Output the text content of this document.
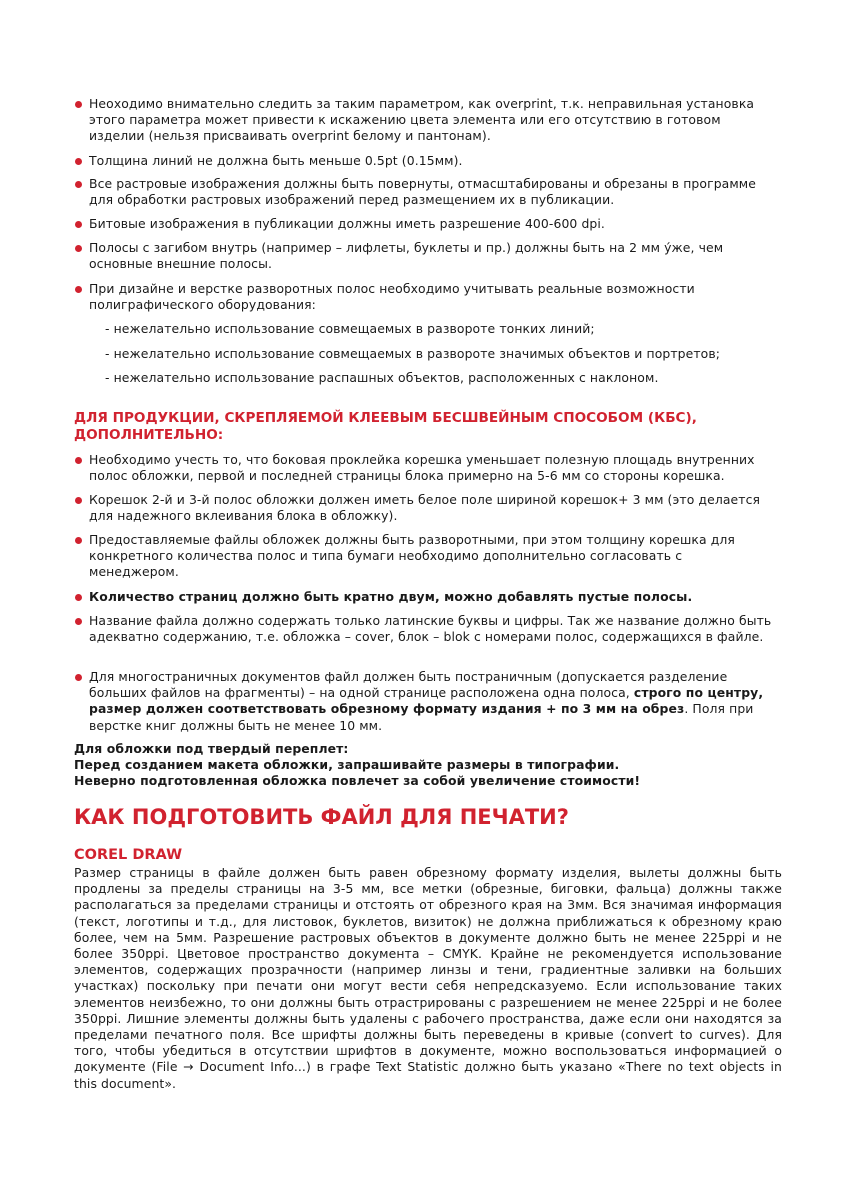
Неоходимо внимательно следить за таким параметром, как overprint, т.к. неправильная установка этого параметра может привести к искажению цвета элемента или его отсутствию в готовом изделии (нельзя присваивать overprint белому и пантонам).
Толщина линий не должна быть меньше 0.5pt (0.15мм).
Все растровые изображения должны быть повернуты, отмасштабированы и обрезаны в программе для обработки растровых изображений перед размещением их в публикации.
Битовые изображения в публикации должны иметь разрешение 400-600 dpi.
Полосы с загибом внутрь (например – лифлеты, буклеты и пр.) должны быть на 2 мм у́же, чем основные внешние полосы.
При дизайне и верстке разворотных полос необходимо учитывать реальные возможности полиграфического оборудования:
- нежелательно использование совмещаемых в развороте тонких линий;
- нежелательно использование совмещаемых в развороте значимых объектов и портретов;
- нежелательно использование распашных объектов, расположенных с наклоном.
ДЛЯ ПРОДУКЦИИ, СКРЕПЛЯЕМОЙ КЛЕЕВЫМ БЕСШВЕЙНЫМ СПОСОБОМ (КБС), ДОПОЛНИТЕЛЬНО:
Необходимо учесть то, что боковая проклейка корешка уменьшает полезную площадь внутренних полос обложки, первой и последней страницы блока примерно на 5-6 мм со стороны корешка.
Корешок 2-й и 3-й полос обложки должен иметь белое поле шириной корешок+ 3 мм (это делается для надежного вклеивания блока в обложку).
Предоставляемые файлы обложек должны быть разворотными, при этом толщину корешка для конкретного количества полос и типа бумаги необходимо дополнительно согласовать с менеджером.
Количество страниц должно быть кратно двум, можно добавлять пустые полосы.
Название файла должно содержать только латинские буквы и цифры. Так же название должно быть адекватно содержанию, т.е. обложка – cover, блок – blok с номерами полос, содержащихся в файле.
Для многостраничных документов файл должен быть постраничным (допускается разделение больших файлов на фрагменты) – на одной странице расположена одна полоса, строго по центру, размер должен соответствовать обрезному формату издания + по 3 мм на обрез. Поля при верстке книг должны быть не менее 10 мм.
Для обложки под твердый переплет:
Перед созданием макета обложки, запрашивайте размеры в типографии.
Неверно подготовленная обложка повлечет за собой увеличение стоимости!
КАК ПОДГОТОВИТЬ ФАЙЛ ДЛЯ ПЕЧАТИ?
COREL DRAW
Размер страницы в файле должен быть равен обрезному формату изделия, вылеты должны быть продлены за пределы страницы на 3-5 мм, все метки (обрезные, биговки, фальца) должны также располагаться за пределами страницы и отстоять от обрезного края на 3мм. Вся значимая информация (текст, логотипы и т.д., для листовок, буклетов, визиток) не должна приближаться к обрезному краю более, чем на 5мм. Разрешение растровых объектов в документе должно быть не менее 225ppi и не более 350ppi. Цветовое пространство документа – CMYK. Крайне не рекомендуется использование элементов, содержащих прозрачности (например линзы и тени, градиентные заливки на больших участках) поскольку при печати они могут вести себя непредсказуемо. Если использование таких элементов неизбежно, то они должны быть отрастрированы с разрешением не менее 225ppi и не более 350ppi. Лишние элементы должны быть удалены с рабочего пространства, даже если они находятся за пределами печатного поля. Все шрифты должны быть переведены в кривые (convert to curves). Для того, чтобы убедиться в отсутствии шрифтов в документе, можно воспользоваться информацией о документе (File → Document Info...) в графе Text Statistic должно быть указано «There no text objects in this document».
